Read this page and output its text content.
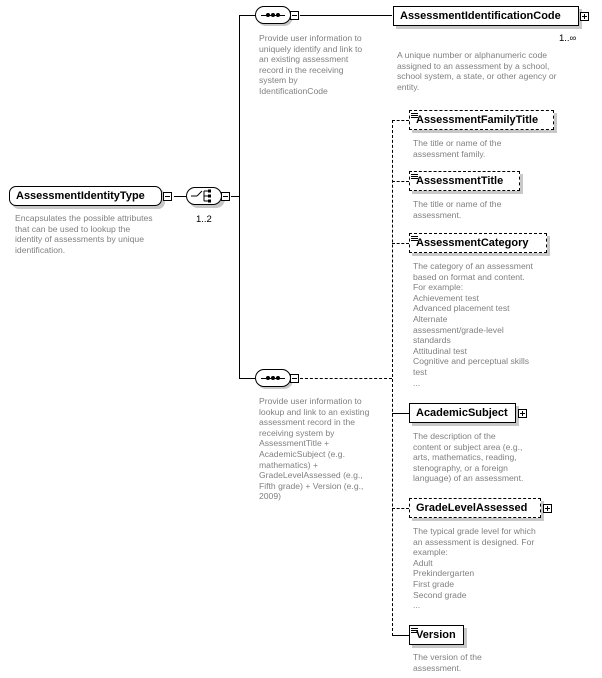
AssessmentIdentityType
Encapsulates the possible attributes
that can be used to lookup the
identity of assessments by unique
identification.
1..2
Provide user information to
uniquely identify and link to
an existing assessment
record in the receiving
system by
IdentificationCode
AssessmentIdentificationCode
1..∞
A unique number or alphanumeric code
assigned to an assessment by a school,
school system, a state, or other agency or
entity.
Provide user information to
lookup and link to an existing
assessment record in the
receiving system by
AssessmentTitle +
AcademicSubject (e.g.
mathematics) +
GradeLevelAssessed (e.g.,
Fifth grade) + Version (e.g.,
2009)
AssessmentFamilyTitle
The title or name of the
assessment family.
AssessmentTitle
The title or name of the
assessment.
AssessmentCategory
The category of an assessment
based on format and content.
For example:
Achievement test
Advanced placement test
Alternate
assessment/grade-level
standards
Attitudinal test
Cognitive and perceptual skills
test
...
AcademicSubject
The description of the
content or subject area (e.g.,
arts, mathematics, reading,
stenography, or a foreign
language) of an assessment.
GradeLevelAssessed
The typical grade level for which
an assessment is designed. For
example:
Adult
Prekindergarten
First grade
Second grade
...
Version
The version of the
assessment.
